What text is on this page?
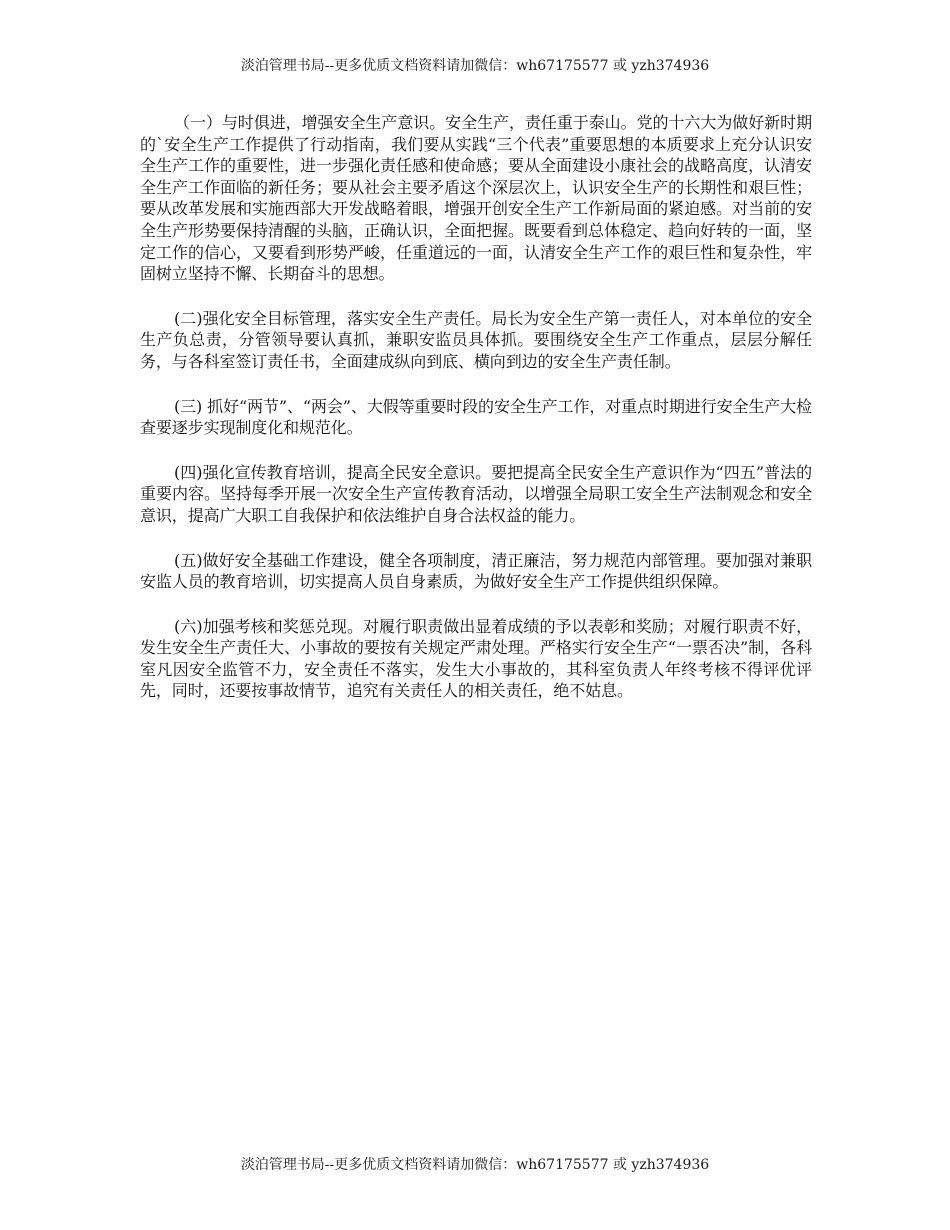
淡泊管理书局--更多优质文档资料请加微信：wh67175577 或 yzh374936

（一）与时俱进，增强安全生产意识。安全生产，责任重于泰山。党的十六大为做好新时期的`安全生产工作提供了行动指南，我们要从实践“三个代表”重要思想的本质要求上充分认识安全生产工作的重要性，进一步强化责任感和使命感；要从全面建设小康社会的战略高度，认清安全生产工作面临的新任务；要从社会主要矛盾这个深层次上，认识安全生产的长期性和艰巨性；要从改革发展和实施西部大开发战略着眼，增强开创安全生产工作新局面的紧迫感。对当前的安全生产形势要保持清醒的头脑，正确认识，全面把握。既要看到总体稳定、趋向好转的一面，坚定工作的信心，又要看到形势严峻，任重道远的一面，认清安全生产工作的艰巨性和复杂性，牢固树立坚持不懈、长期奋斗的思想。

(二)强化安全目标管理，落实安全生产责任。局长为安全生产第一责任人，对本单位的安全生产负总责，分管领导要认真抓，兼职安监员具体抓。要围绕安全生产工作重点，层层分解任务，与各科室签订责任书，全面建成纵向到底、横向到边的安全生产责任制。

(三) 抓好“两节”、“两会”、大假等重要时段的安全生产工作，对重点时期进行安全生产大检查要逐步实现制度化和规范化。

(四)强化宣传教育培训，提高全民安全意识。要把提高全民安全生产意识作为“四五”普法的重要内容。坚持每季开展一次安全生产宣传教育活动，以增强全局职工安全生产法制观念和安全意识，提高广大职工自我保护和依法维护自身合法权益的能力。

(五)做好安全基础工作建设，健全各项制度，清正廉洁，努力规范内部管理。要加强对兼职安监人员的教育培训，切实提高人员自身素质，为做好安全生产工作提供组织保障。

(六)加强考核和奖惩兑现。对履行职责做出显着成绩的予以表彰和奖励；对履行职责不好，发生安全生产责任大、小事故的要按有关规定严肃处理。严格实行安全生产“一票否决”制，各科室凡因安全监管不力，安全责任不落实，发生大小事故的，其科室负责人年终考核不得评优评先，同时，还要按事故情节，追究有关责任人的相关责任，绝不姑息。

淡泊管理书局--更多优质文档资料请加微信：wh67175577 或 yzh374936
